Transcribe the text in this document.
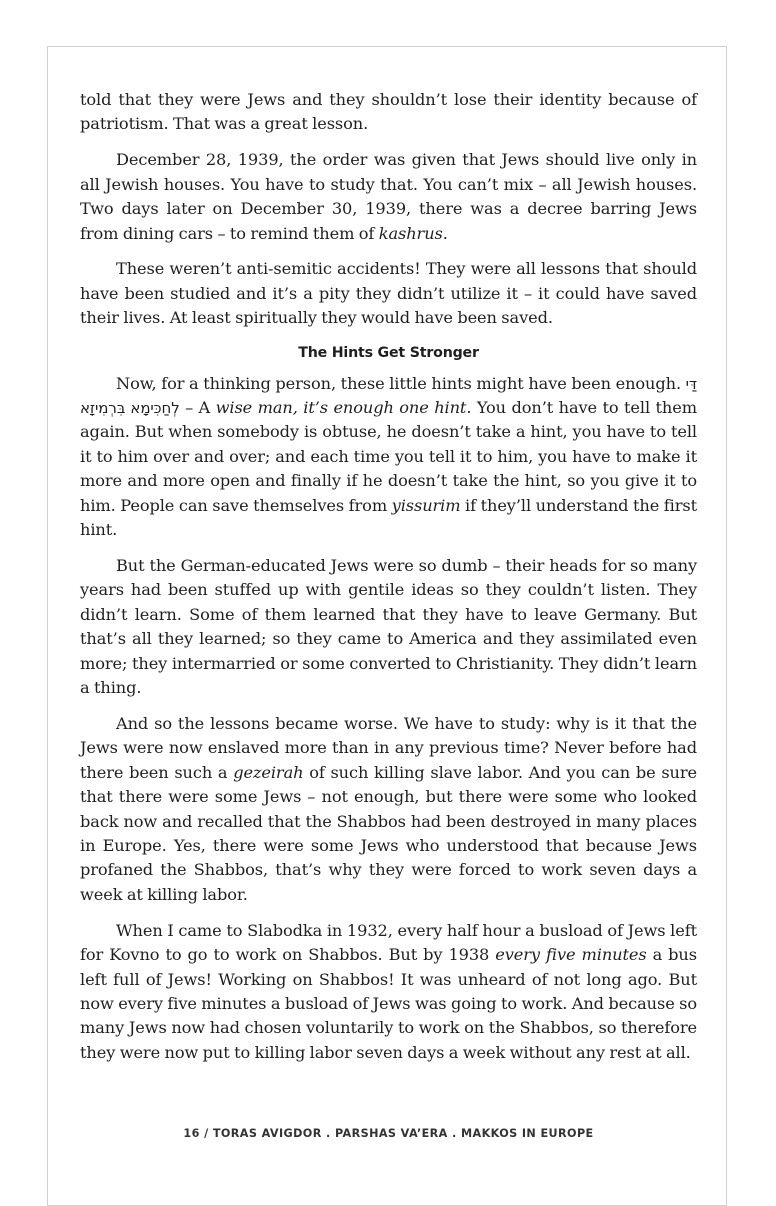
told that they were Jews and they shouldn’t lose their identity because of patriotism. That was a great lesson.

December 28, 1939, the order was given that Jews should live only in all Jewish houses. You have to study that. You can’t mix – all Jewish houses. Two days later on December 30, 1939, there was a decree barring Jews from dining cars – to remind them of kashrus.

These weren’t anti-semitic accidents! They were all lessons that should have been studied and it’s a pity they didn’t utilize it – it could have saved their lives. At least spiritually they would have been saved.

The Hints Get Stronger

Now, for a thinking person, these little hints might have been enough. דַּי לְחַכִּימָא בִּרְמִיזָא – A wise man, it’s enough one hint. You don’t have to tell them again. But when somebody is obtuse, he doesn’t take a hint, you have to tell it to him over and over; and each time you tell it to him, you have to make it more and more open and finally if he doesn’t take the hint, so you give it to him. People can save themselves from yissurim if they’ll understand the first hint.

But the German-educated Jews were so dumb – their heads for so many years had been stuffed up with gentile ideas so they couldn’t listen. They didn’t learn. Some of them learned that they have to leave Germany. But that’s all they learned; so they came to America and they assimilated even more; they intermarried or some converted to Christianity. They didn’t learn a thing.

And so the lessons became worse. We have to study: why is it that the Jews were now enslaved more than in any previous time? Never before had there been such a gezeirah of such killing slave labor. And you can be sure that there were some Jews – not enough, but there were some who looked back now and recalled that the Shabbos had been destroyed in many places in Europe. Yes, there were some Jews who understood that because Jews profaned the Shabbos, that’s why they were forced to work seven days a week at killing labor.

When I came to Slabodka in 1932, every half hour a busload of Jews left for Kovno to go to work on Shabbos. But by 1938 every five minutes a bus left full of Jews! Working on Shabbos! It was unheard of not long ago. But now every five minutes a busload of Jews was going to work. And because so many Jews now had chosen voluntarily to work on the Shabbos, so therefore they were now put to killing labor seven days a week without any rest at all.

16 / TORAS AVIGDOR . PARSHAS VA’ERA . MAKKOS IN EUROPE
